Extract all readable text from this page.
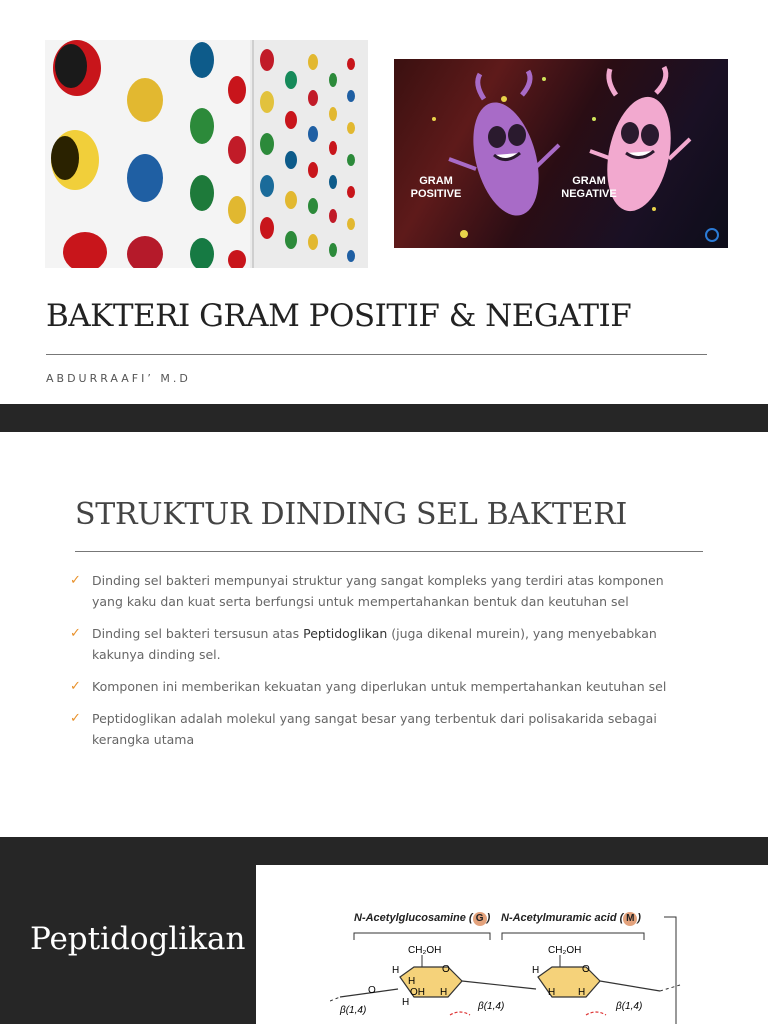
GRAM
POSITIVE
GRAM
NEGATIVE
BAKTERI GRAM POSITIF & NEGATIF
ABDURRAAFI’ M.D
STRUKTUR DINDING SEL BAKTERI
✓ Dinding sel bakteri mempunyai struktur yang sangat kompleks yang terdiri atas komponen yang kaku dan kuat serta berfungsi untuk mempertahankan bentuk dan keutuhan sel
✓ Dinding sel bakteri tersusun atas Peptidoglikan (juga dikenal murein), yang menyebabkan kakunya dinding sel.
✓ Komponen ini memberikan kekuatan yang diperlukan untuk mempertahankan keutuhan sel
✓ Peptidoglikan adalah molekul yang sangat besar yang terbentuk dari polisakarida sebagai kerangka utama
Peptidoglikan
N-Acetylglucosamine ( G ) N-Acetylmuramic acid ( M )
CH₂OH	CH₂OH
H	O
H
OH H
H
H	O
H H
O
β(1,4)	β(1,4)	β(1,4)
